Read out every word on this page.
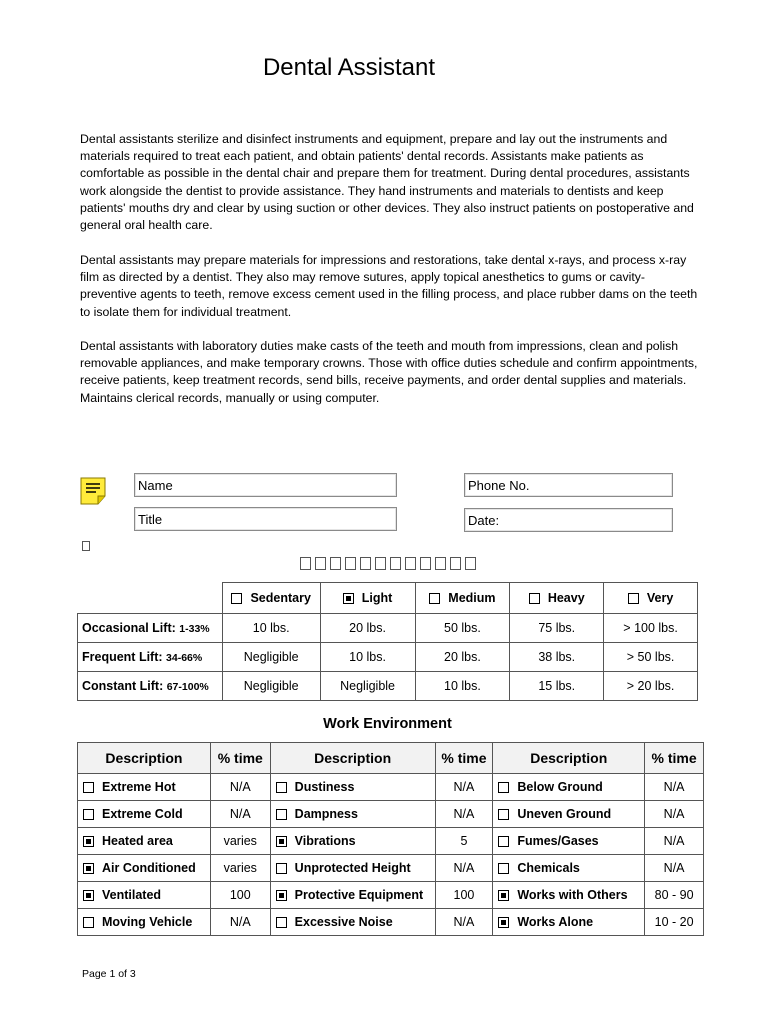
Dental Assistant

Dental assistants sterilize and disinfect instruments and equipment, prepare and lay out the instruments and materials required to treat each patient, and obtain patients' dental records. Assistants make patients as comfortable as possible in the dental chair and prepare them for treatment. During dental procedures, assistants work alongside the dentist to provide assistance. They hand instruments and materials to dentists and keep patients' mouths dry and clear by using suction or other devices. They also instruct patients on postoperative and general oral health care.

Dental assistants may prepare materials for impressions and restorations, take dental x-rays, and process x-ray film as directed by a dentist. They also may remove sutures, apply topical anesthetics to gums or cavity-preventive agents to teeth, remove excess cement used in the filling process, and place rubber dams on the teeth to isolate them for individual treatment.

Dental assistants with laboratory duties make casts of the teeth and mouth from impressions, clean and polish removable appliances, and make temporary crowns. Those with office duties schedule and confirm appointments, receive patients, keep treatment records, send bills, receive payments, and order dental supplies and materials. Maintains clerical records, manually or using computer.

Name	Phone No.
Title	Date:
	Sedentary	Light	Medium	Heavy	Very
Occasional Lift: 1-33%	10 lbs.	20 lbs.	50 lbs.	75 lbs.	> 100 lbs.
Frequent Lift: 34-66%	Negligible	10 lbs.	20 lbs.	38 lbs.	> 50 lbs.
Constant Lift: 67-100%	Negligible	Negligible	10 lbs.	15 lbs.	> 20 lbs.
Work Environment
Description	% time	Description	% time	Description	% time
Extreme Hot	N/A	Dustiness	N/A	Below Ground	N/A
Extreme Cold	N/A	Dampness	N/A	Uneven Ground	N/A
Heated area	varies	Vibrations	5	Fumes/Gases	N/A
Air Conditioned	varies	Unprotected Height	N/A	Chemicals	N/A
Ventilated	100	Protective Equipment	100	Works with Others	80 - 90
Moving Vehicle	N/A	Excessive Noise	N/A	Works Alone	10 - 20
Page 1 of 3
